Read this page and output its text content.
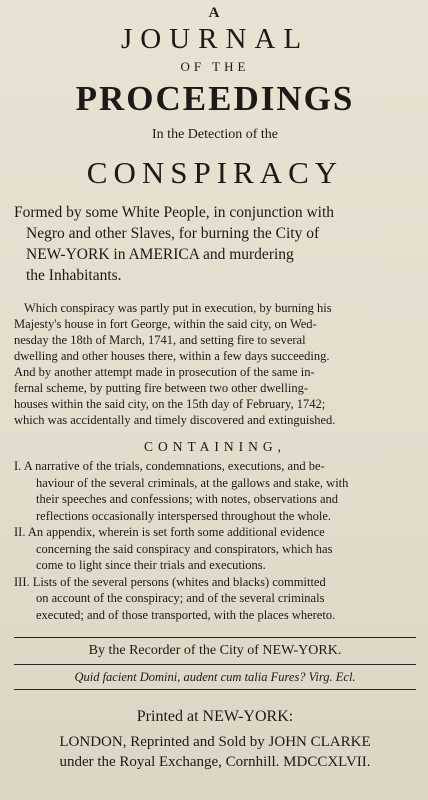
A

JOURNAL

OF THE

PROCEEDINGS

In the Detection of the

CONSPIRACY

Formed by some White People, in conjunction with
Negro and other Slaves, for burning the City of
NEW-YORK in AMERICA and murdering
the Inhabitants.
Which conspiracy was partly put in execution, by burning his
Majesty's house in fort George, within the said city, on Wed-
nesday the 18th of March, 1741, and setting fire to several
dwelling and other houses there, within a few days succeeding.
And by another attempt made in prosecution of the same in-
fernal scheme, by putting fire between two other dwelling-
houses within the said city, on the 15th day of February, 1742;
which was accidentally and timely discovered and extinguished.

CONTAINING,

I. A narrative of the trials, condemnations, executions, and be-
haviour of the several criminals, at the gallows and stake, with
their speeches and confessions; with notes, observations and
reflections occasionally interspersed throughout the whole.
II. An appendix, wherein is set forth some additional evidence
concerning the said conspiracy and conspirators, which has
come to light since their trials and executions.
III. Lists of the several persons (whites and blacks) committed
on account of the conspiracy; and of the several criminals
executed; and of those transported, with the places whereto.

By the Recorder of the City of NEW-YORK.

Quid facient Domini, audent cum talia Fures? Virg. Ecl.

Printed at NEW-YORK:

LONDON, Reprinted and Sold by JOHN CLARKE
under the Royal Exchange, Cornhill. MDCCXLVII.
